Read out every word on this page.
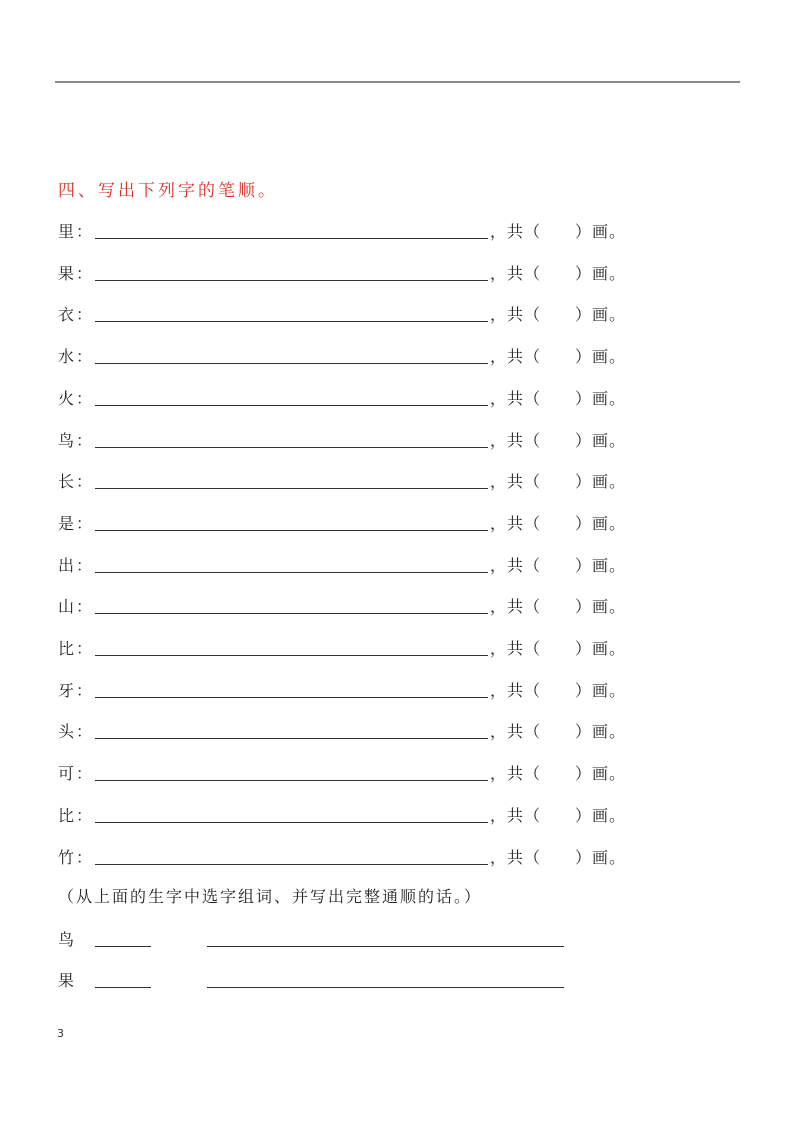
四、写出下列字的笔顺。
里：	，共（　　）画。
果：	，共（　　）画。
衣：	，共（　　）画。
水：	，共（　　）画。
火：	，共（　　）画。
鸟：	，共（　　）画。
长：	，共（　　）画。
是：	，共（　　）画。
出：	，共（　　）画。
山：	，共（　　）画。
比：	，共（　　）画。
牙：	，共（　　）画。
头：	，共（　　）画。
可：	，共（　　）画。
比：	，共（　　）画。
竹：	，共（　　）画。
（从上面的生字中选字组词、并写出完整通顺的话。）
鸟
果
3
